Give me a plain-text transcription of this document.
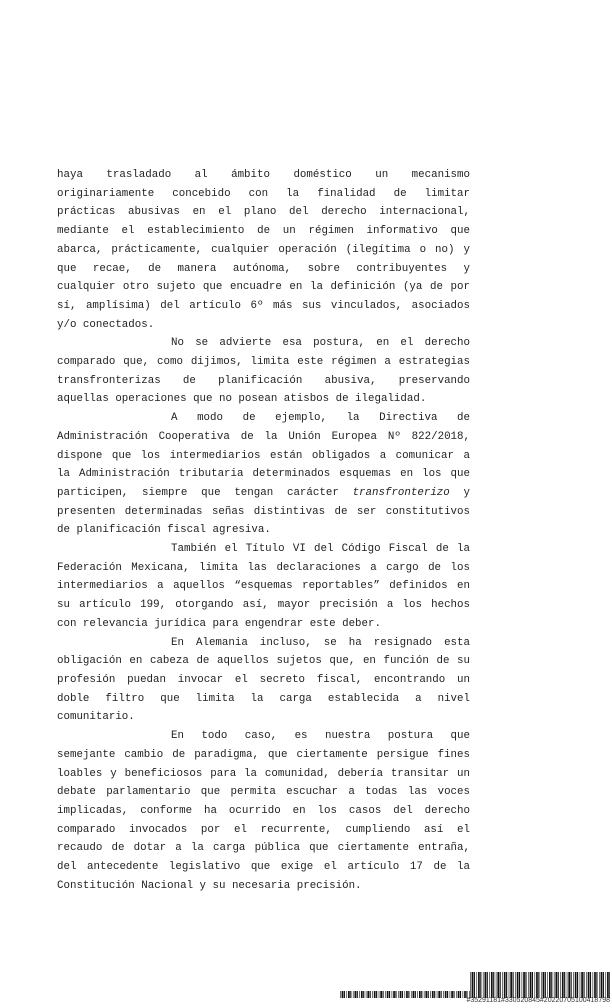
haya trasladado al ámbito doméstico un mecanismo
originariamente concebido con la finalidad de limitar
prácticas abusivas en el plano del derecho internacional,
mediante el establecimiento de un régimen informativo que
abarca, prácticamente, cualquier operación (ilegítima o no) y
que recae, de manera autónoma, sobre contribuyentes y
cualquier otro sujeto que encuadre en la definición (ya de por
sí, amplísima) del artículo 6º más sus vinculados, asociados
y/o conectados.
No se advierte esa postura, en el derecho
comparado que, como dijimos, limita este régimen a estrategias
transfronterizas de planificación abusiva, preservando
aquellas operaciones que no posean atisbos de ilegalidad.
A modo de ejemplo, la Directiva de
Administración Cooperativa de la Unión Europea Nº 822/2018,
dispone que los intermediarios están obligados a comunicar a
la Administración tributaria determinados esquemas en los que
participen, siempre que tengan carácter transfronterizo y
presenten determinadas señas distintivas de ser constitutivos
de planificación fiscal agresiva.
También el Título VI del Código Fiscal de la
Federación Mexicana, limita las declaraciones a cargo de los
intermediarios a aquellos “esquemas reportables” definidos en
su artículo 199, otorgando así, mayor precisión a los hechos
con relevancia jurídica para engendrar este deber.
En Alemania incluso, se ha resignado esta
obligación en cabeza de aquellos sujetos que, en función de su
profesión puedan invocar el secreto fiscal, encontrando un
doble filtro que limita la carga establecida a nivel
comunitario.
En todo caso, es nuestra postura que
semejante cambio de paradigma, que ciertamente persigue fines
loables y beneficiosos para la comunidad, debería transitar un
debate parlamentario que permita escuchar a todas las voces
implicadas, conforme ha ocurrido en los casos del derecho
comparado invocados por el recurrente, cumpliendo así el
recaudo de dotar a la carga pública que ciertamente entraña,
del antecedente legislativo que exige el artículo 17 de la
Constitución Nacional y su necesaria precisión.
#35291181#330520845#20220705100418798
